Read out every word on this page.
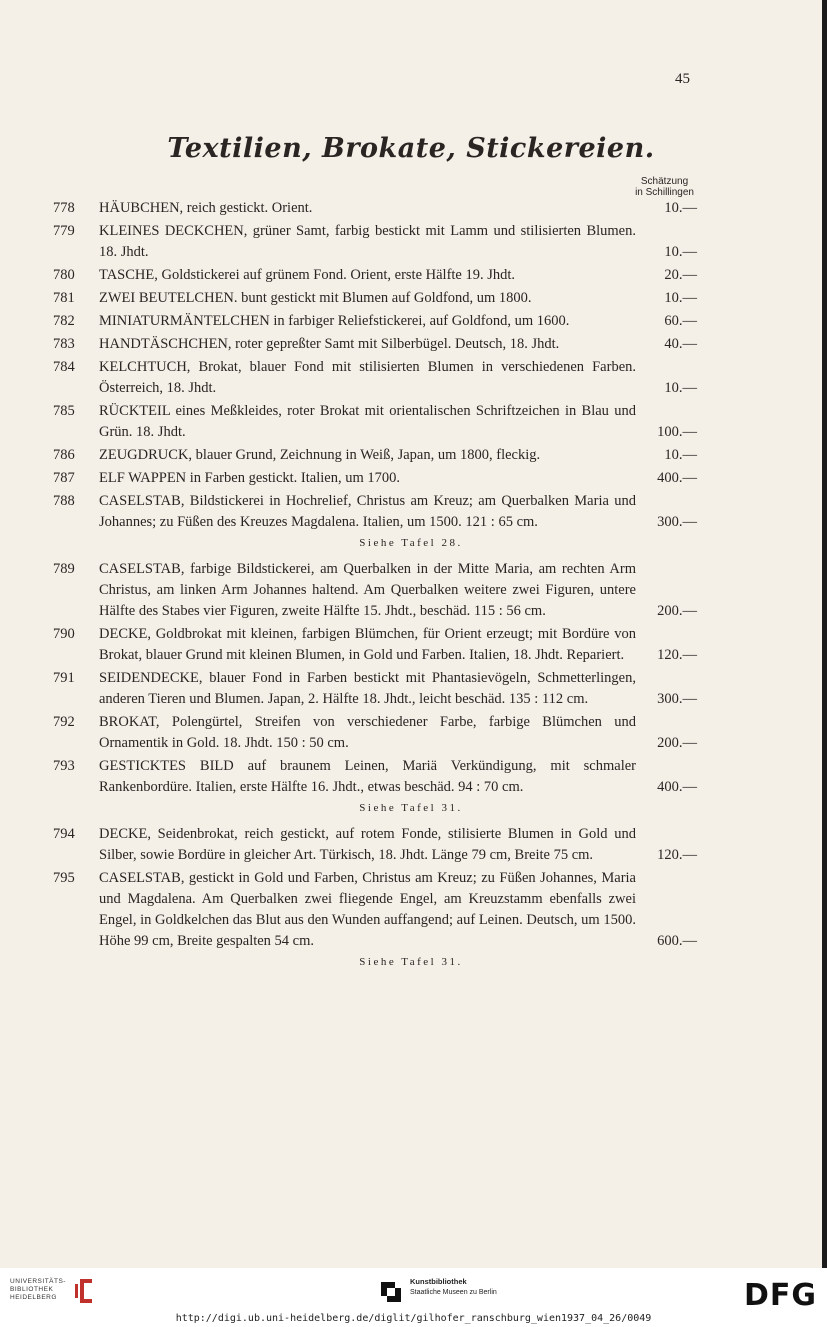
45
Textilien, Brokate, Stickereien.
Schätzung
in Schillingen
778	HÄUBCHEN, reich gestickt. Orient.	10.—
779	KLEINES DECKCHEN, grüner Samt, farbig bestickt mit Lamm und stilisierten Blumen. 18. Jhdt.	10.—
780	TASCHE, Goldstickerei auf grünem Fond. Orient, erste Hälfte 19. Jhdt.	20.—
781	ZWEI BEUTELCHEN. bunt gestickt mit Blumen auf Goldfond, um 1800.	10.—
782	MINIATURMÄNTELCHEN in farbiger Reliefstickerei, auf Goldfond, um 1600.	60.—
783	HANDTÄSCHCHEN, roter gepreßter Samt mit Silberbügel. Deutsch, 18. Jhdt.	40.—
784	KELCHTUCH, Brokat, blauer Fond mit stilisierten Blumen in verschiedenen Farben. Österreich, 18. Jhdt.	10.—
785	RÜCKTEIL eines Meßkleides, roter Brokat mit orientalischen Schriftzeichen in Blau und Grün. 18. Jhdt.	100.—
786	ZEUGDRUCK, blauer Grund, Zeichnung in Weiß, Japan, um 1800, fleckig.	10.—
787	ELF WAPPEN in Farben gestickt. Italien, um 1700.	400.—
788	CASELSTAB, Bildstickerei in Hochrelief, Christus am Kreuz; am Querbalken Maria und Johannes; zu Füßen des Kreuzes Magdalena. Italien, um 1500. 121 : 65 cm.	300.—
Siehe Tafel 28.
789	CASELSTAB, farbige Bildstickerei, am Querbalken in der Mitte Maria, am rechten Arm Christus, am linken Arm Johannes haltend. Am Querbalken weitere zwei Figuren, untere Hälfte des Stabes vier Figuren, zweite Hälfte 15. Jhdt., beschäd. 115 : 56 cm.	200.—
790	DECKE, Goldbrokat mit kleinen, farbigen Blümchen, für Orient erzeugt; mit Bordüre von Brokat, blauer Grund mit kleinen Blumen, in Gold und Farben. Italien, 18. Jhdt. Repariert.	120.—
791	SEIDENDECKE, blauer Fond in Farben bestickt mit Phantasievögeln, Schmetterlingen, anderen Tieren und Blumen. Japan, 2. Hälfte 18. Jhdt., leicht beschäd. 135 : 112 cm.	300.—
792	BROKAT, Polengürtel, Streifen von verschiedener Farbe, farbige Blümchen und Ornamentik in Gold. 18. Jhdt. 150 : 50 cm.	200.—
793	GESTICKTES BILD auf braunem Leinen, Mariä Verkündigung, mit schmaler Rankenbordüre. Italien, erste Hälfte 16. Jhdt., etwas beschäd. 94 : 70 cm.	400.—
Siehe Tafel 31.
794	DECKE, Seidenbrokat, reich gestickt, auf rotem Fonde, stilisierte Blumen in Gold und Silber, sowie Bordüre in gleicher Art. Türkisch, 18. Jhdt. Länge 79 cm, Breite 75 cm.	120.—
795	CASELSTAB, gestickt in Gold und Farben, Christus am Kreuz; zu Füßen Johannes, Maria und Magdalena. Am Querbalken zwei fliegende Engel, am Kreuzstamm ebenfalls zwei Engel, in Goldkelchen das Blut aus den Wunden auffangend; auf Leinen. Deutsch, um 1500. Höhe 99 cm, Breite gespalten 54 cm.	600.—
Siehe Tafel 31.
UNIVERSITÄTS-
BIBLIOTHEK
HEIDELBERG
Kunstbibliothek
Staatliche Museen zu Berlin	DFG
http://digi.ub.uni-heidelberg.de/diglit/gilhofer_ranschburg_wien1937_04_26/0049
